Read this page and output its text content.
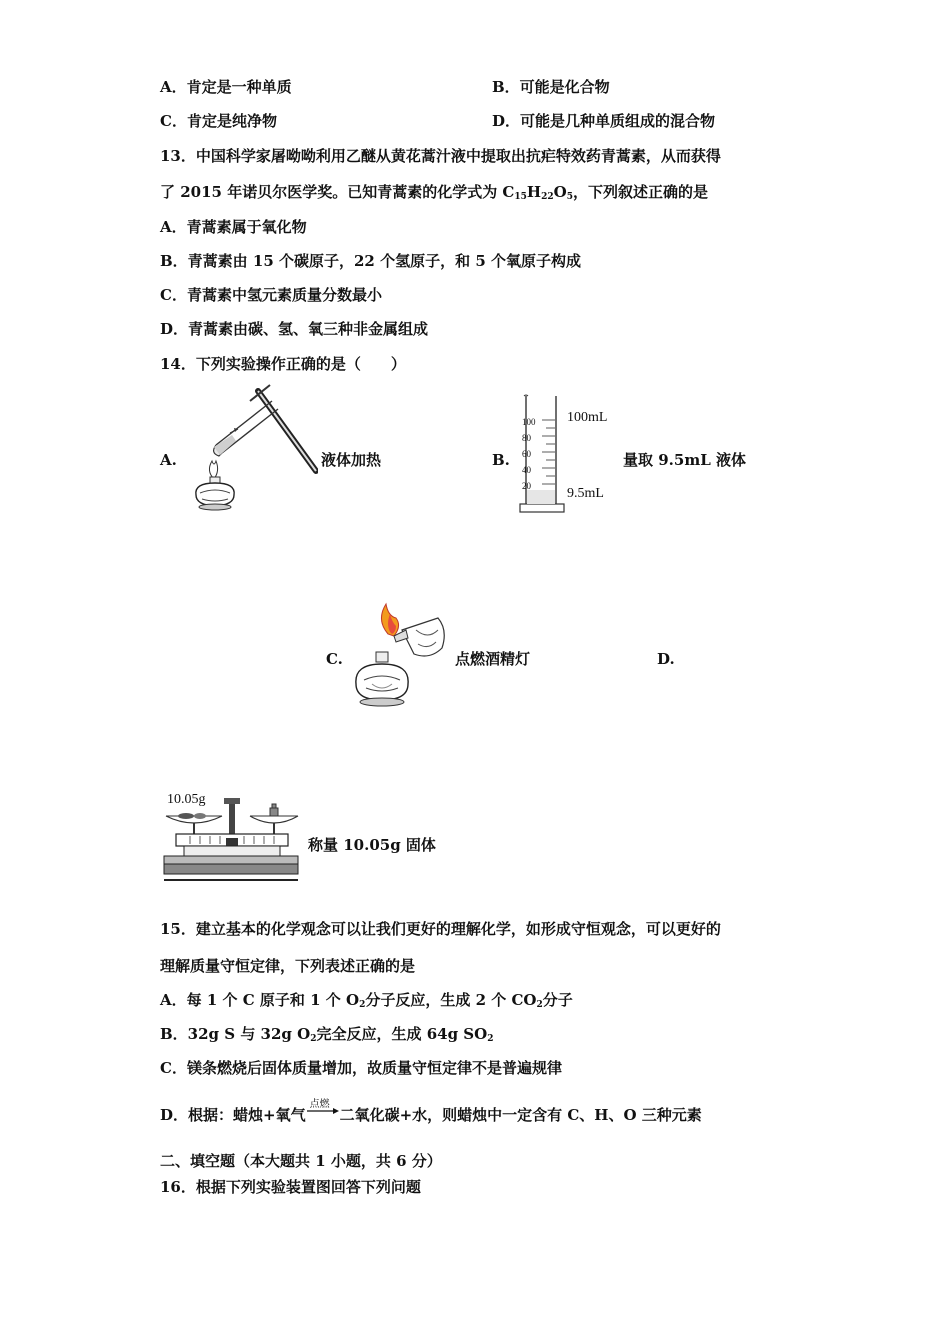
A．肯定是一种单质	B．可能是化合物
C．肯定是纯净物	D．可能是几种单质组成的混合物
13．中国科学家屠呦呦利用乙醚从黄花蒿汁液中提取出抗疟特效药青蒿素，从而获得
了 2015 年诺贝尔医学奖。已知青蒿素的化学式为 $C_{15}H_{22}O_5$，下列叙述正确的是
A．青蒿素属于氧化物
B．青蒿素由 15 个碳原子，22 个氢原子，和 5 个氧原子构成
C．青蒿素中氢元素质量分数最小
D．青蒿素由碳、氢、氧三种非金属组成
14．下列实验操作正确的是（　　）
A.	液体加热	B.
100
80
60
40
20
100mL
9.5mL
量取 9.5mL 液体
C.	点燃酒精灯	D.
10.05g
称量 10.05g 固体
15．建立基本的化学观念可以让我们更好的理解化学，如形成守恒观念，可以更好的
理解质量守恒定律，下列表述正确的是
A．每 1 个 C 原子和 1 个 $O_2$分子反应，生成 2 个 $CO_2$分子
B．32g S 与 32g $O_2$完全反应，生成 64g $SO_2$
C．镁条燃烧后固体质量增加，故质量守恒定律不是普遍规律
D．根据：蜡烛+氧气
点燃
二氧化碳+水，则蜡烛中一定含有 C、H、O 三种元素
二、填空题（本大题共 1 小题，共 6 分）
16．根据下列实验装置图回答下列问题
